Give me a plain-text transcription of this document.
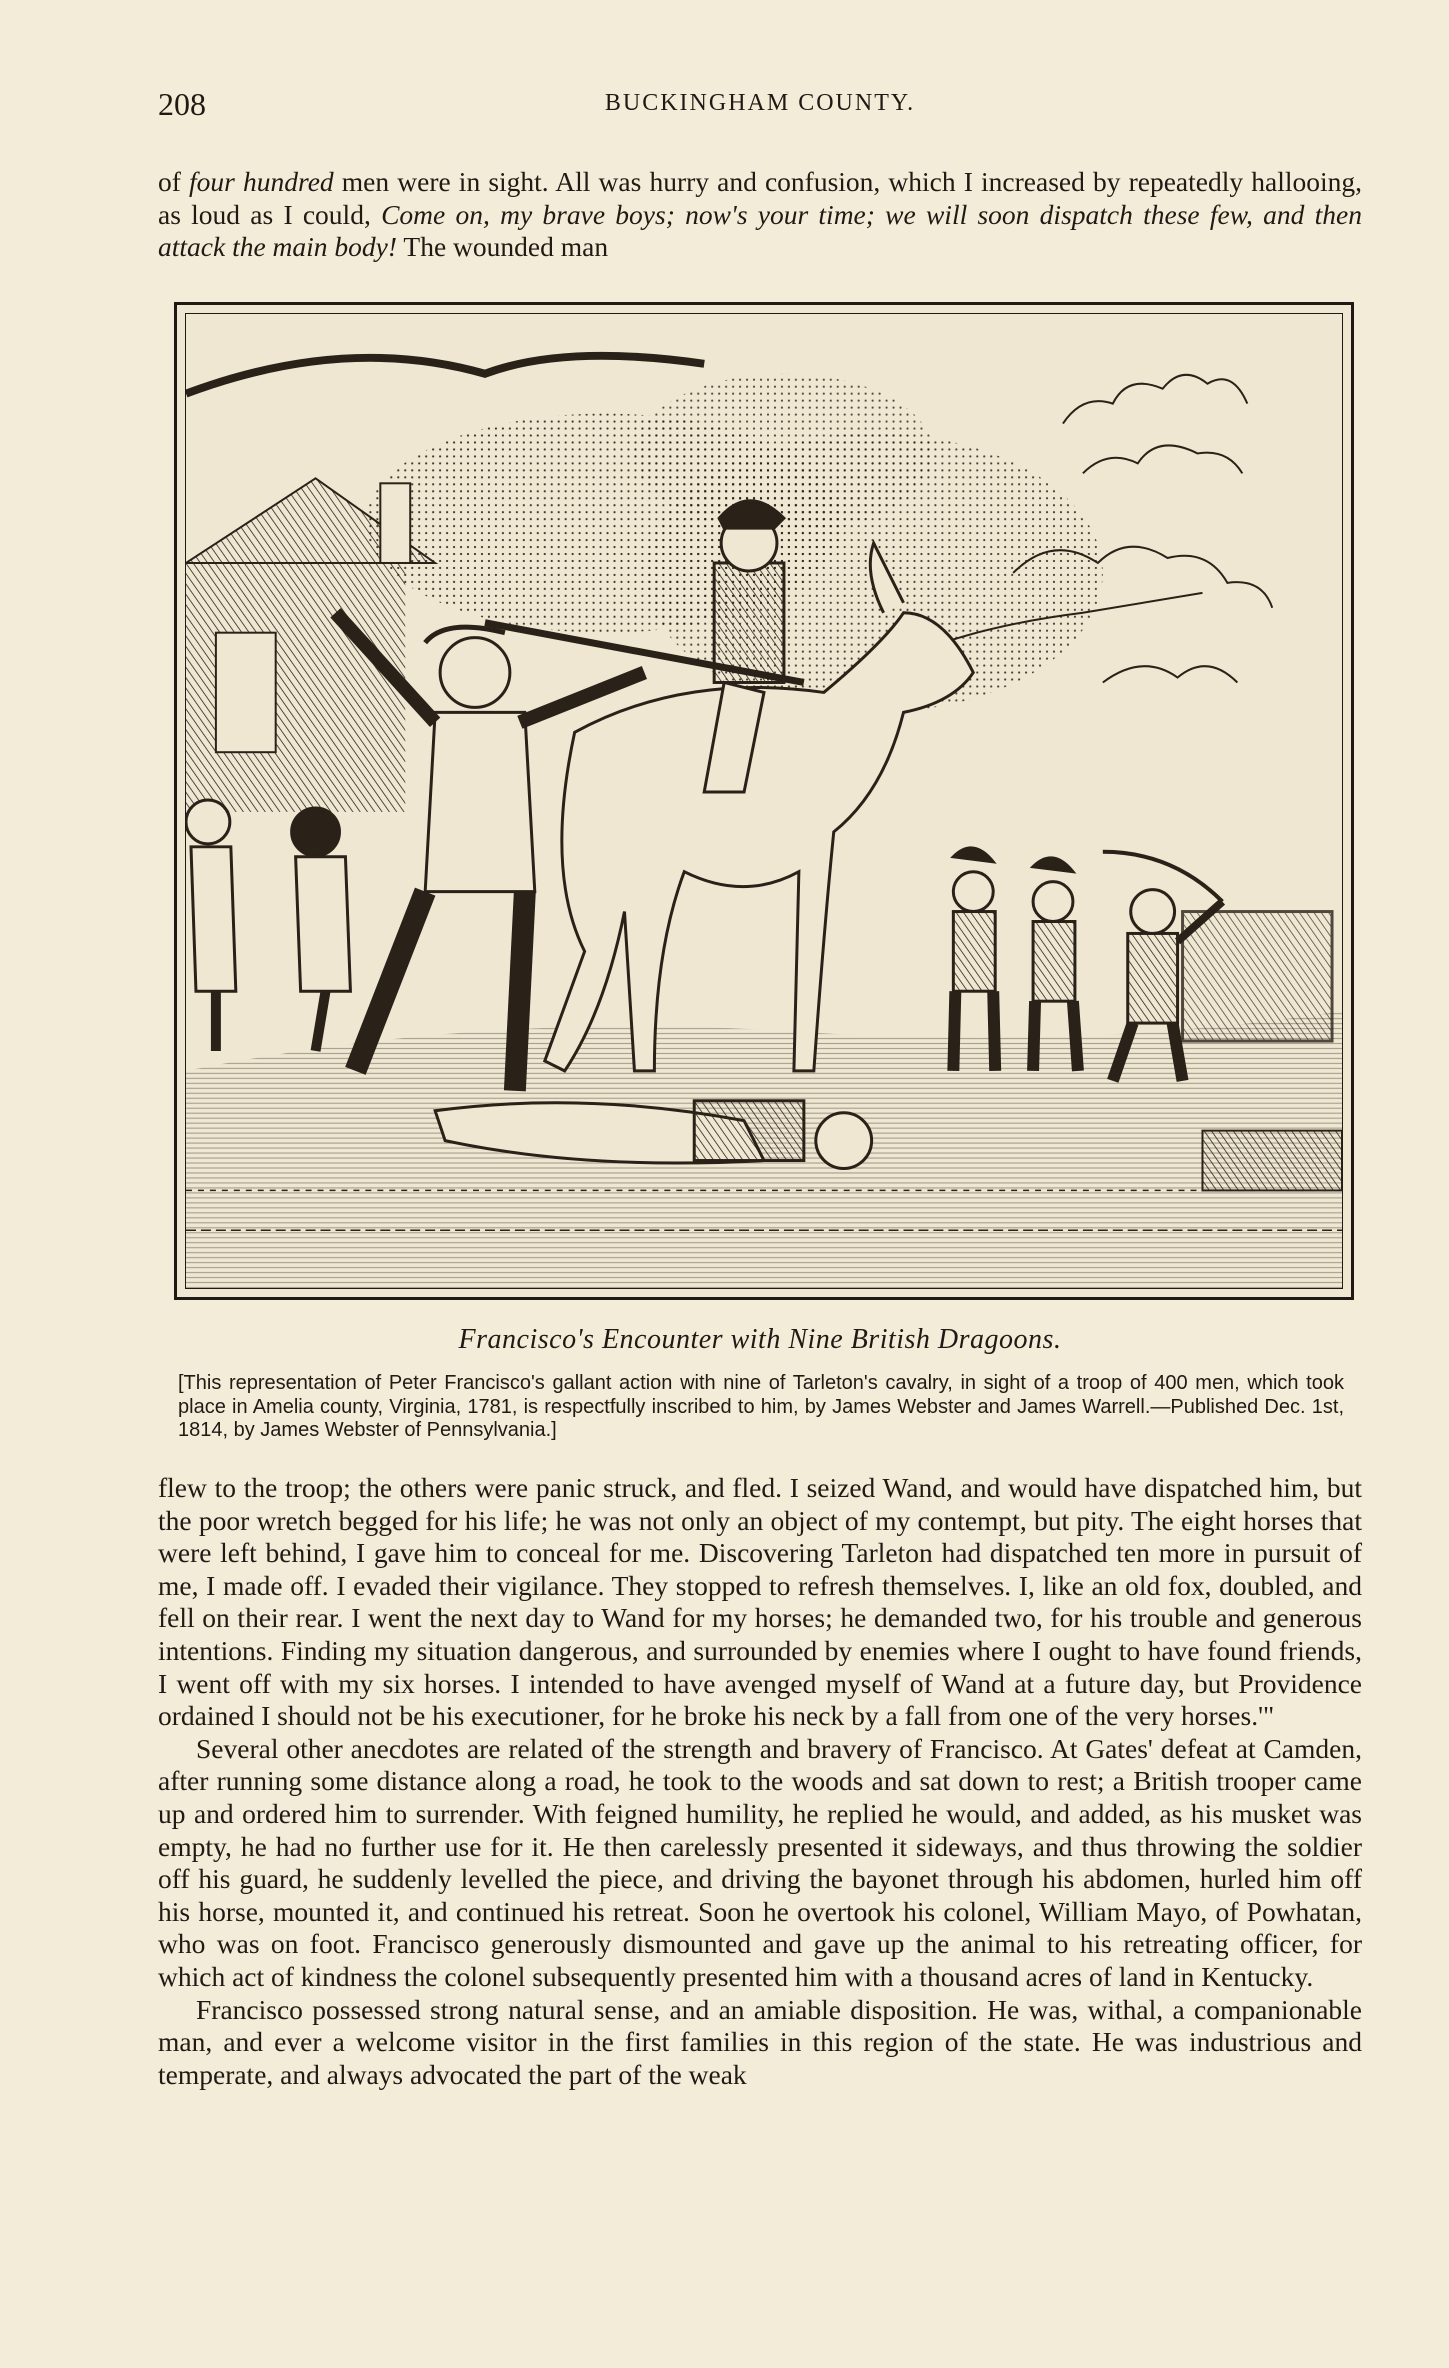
208	BUCKINGHAM COUNTY.

of four hundred men were in sight. All was hurry and confusion, which I increased by repeatedly hallooing, as loud as I could, Come on, my brave boys; now's your time; we will soon dispatch these few, and then attack the main body! The wounded man

Francisco's Encounter with Nine British Dragoons.
[This representation of Peter Francisco's gallant action with nine of Tarleton's cavalry, in sight of a troop of 400 men, which took place in Amelia county, Virginia, 1781, is respectfully inscribed to him, by James Webster and James Warrell.—Published Dec. 1st, 1814, by James Webster of Pennsylvania.]

flew to the troop; the others were panic struck, and fled. I seized Wand, and would have dispatched him, but the poor wretch begged for his life; he was not only an object of my contempt, but pity. The eight horses that were left behind, I gave him to conceal for me. Discovering Tarleton had dispatched ten more in pursuit of me, I made off. I evaded their vigilance. They stopped to refresh themselves. I, like an old fox, doubled, and fell on their rear. I went the next day to Wand for my horses; he demanded two, for his trouble and generous intentions. Finding my situation dangerous, and surrounded by enemies where I ought to have found friends, I went off with my six horses. I intended to have avenged myself of Wand at a future day, but Providence ordained I should not be his executioner, for he broke his neck by a fall from one of the very horses.'"

Several other anecdotes are related of the strength and bravery of Francisco. At Gates' defeat at Camden, after running some distance along a road, he took to the woods and sat down to rest; a British trooper came up and ordered him to surrender. With feigned humility, he replied he would, and added, as his musket was empty, he had no further use for it. He then carelessly presented it sideways, and thus throwing the soldier off his guard, he suddenly levelled the piece, and driving the bayonet through his abdomen, hurled him off his horse, mounted it, and continued his retreat. Soon he overtook his colonel, William Mayo, of Powhatan, who was on foot. Francisco generously dismounted and gave up the animal to his retreating officer, for which act of kindness the colonel subsequently presented him with a thousand acres of land in Kentucky.

Francisco possessed strong natural sense, and an amiable disposition. He was, withal, a companionable man, and ever a welcome visitor in the first families in this region of the state. He was industrious and temperate, and always advocated the part of the weak
